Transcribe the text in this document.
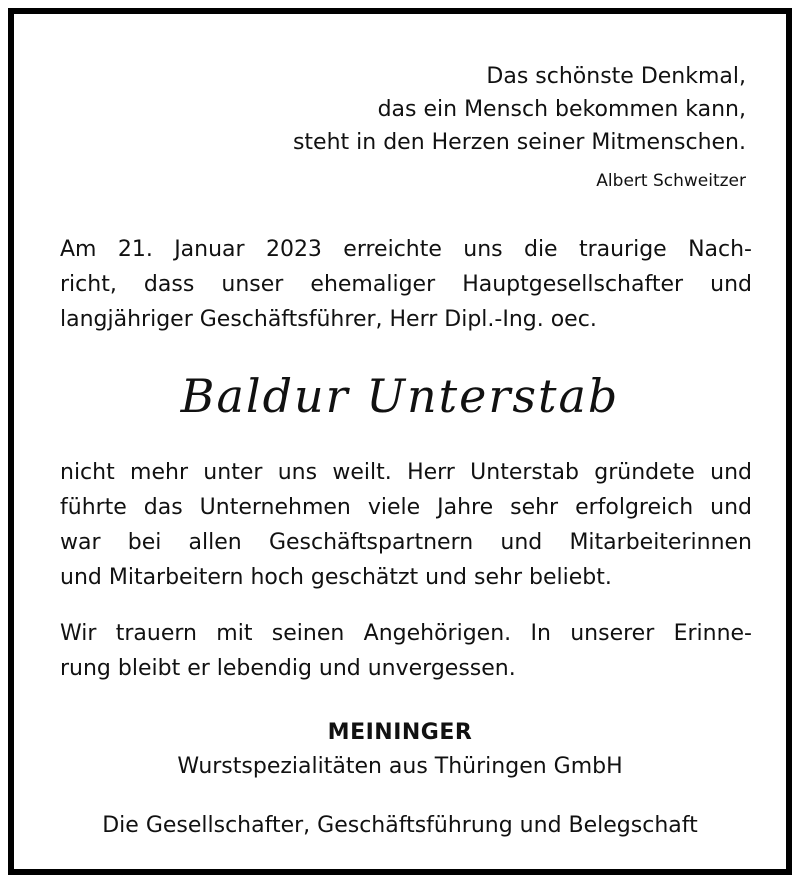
Das schönste Denkmal,
das ein Mensch bekommen kann,
steht in den Herzen seiner Mitmenschen.
Albert Schweitzer
Am 21. Januar 2023 erreichte uns die traurige Nach-
richt, dass unser ehemaliger Hauptgesellschafter und
langjähriger Geschäftsführer, Herr Dipl.-Ing. oec.
Baldur Unterstab
nicht mehr unter uns weilt. Herr Unterstab gründete und
führte das Unternehmen viele Jahre sehr erfolgreich und
war bei allen Geschäftspartnern und Mitarbeiterinnen
und Mitarbeitern hoch geschätzt und sehr beliebt.
Wir trauern mit seinen Angehörigen. In unserer Erinne-
rung bleibt er lebendig und unvergessen.
MEININGER
Wurstspezialitäten aus Thüringen GmbH
Die Gesellschafter, Geschäftsführung und Belegschaft
